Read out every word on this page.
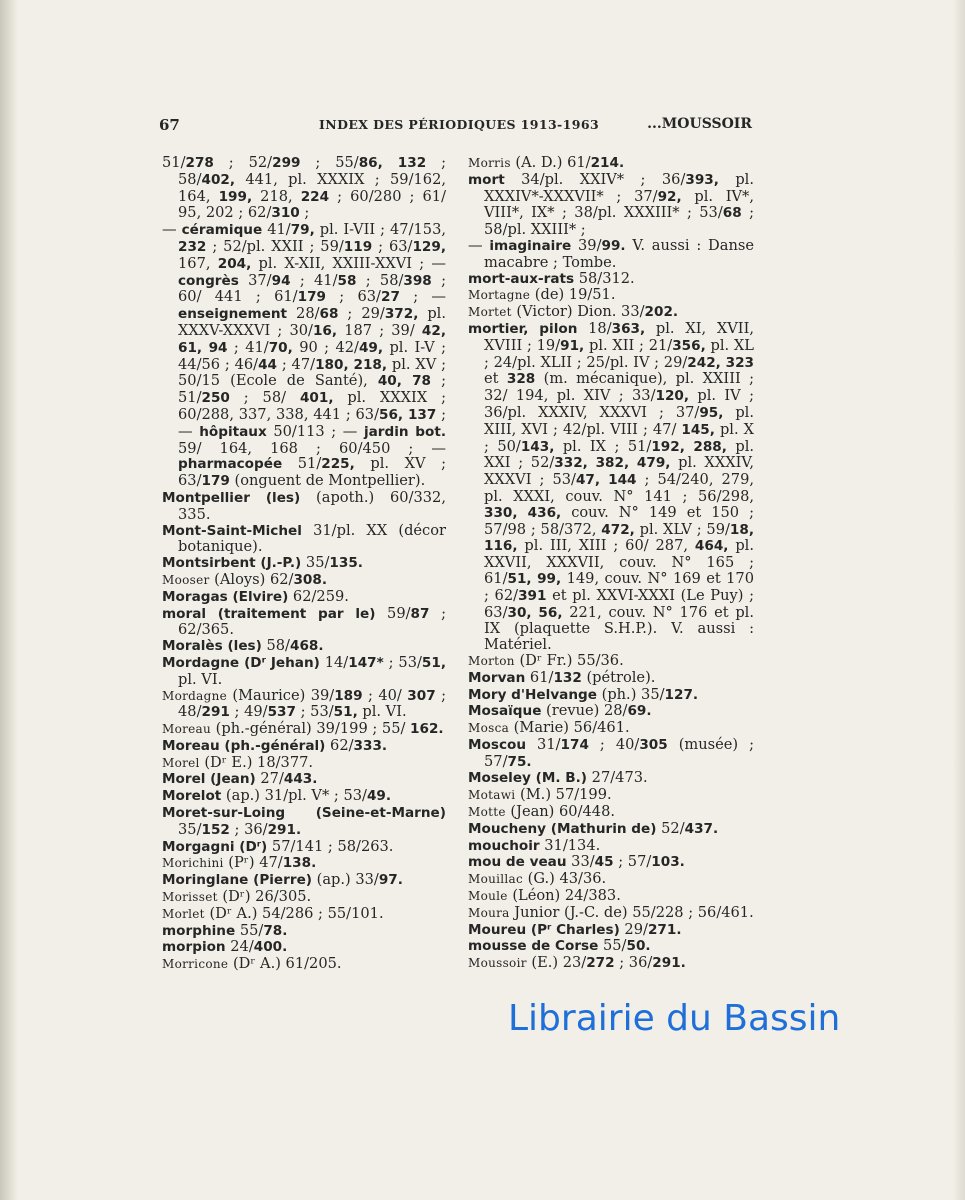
67	INDEX DES PÉRIODIQUES 1913-1963	...MOUSSOIR

51/278 ; 52/299 ; 55/86, 132 ; 58/402, 441, pl. XXXIX ; 59/162, 164, 199, 218, 224 ; 60/280 ; 61/ 95, 202 ; 62/310 ;

— céramique 41/79, pl. I-VII ; 47/153, 232 ; 52/pl. XXII ; 59/119 ; 63/129, 167, 204, pl. X-XII, XXIII-XXVI ; — congrès 37/94 ; 41/58 ; 58/398 ; 60/ 441 ; 61/179 ; 63/27 ; — enseignement 28/68 ; 29/372, pl. XXXV-XXXVI ; 30/16, 187 ; 39/ 42, 61, 94 ; 41/70, 90 ; 42/49, pl. I-V ; 44/56 ; 46/44 ; 47/180, 218, pl. XV ; 50/15 (Ecole de Santé), 40, 78 ; 51/250 ; 58/ 401, pl. XXXIX ; 60/288, 337, 338, 441 ; 63/56, 137 ; — hôpitaux 50/113 ; — jardin bot. 59/ 164, 168 ; 60/450 ; — pharmacopée 51/225, pl. XV ; 63/179 (onguent de Montpellier).

Montpellier (les) (apoth.) 60/332, 335.

Mont-Saint-Michel 31/pl. XX (décor botanique).

Montsirbent (J.-P.) 35/135.

Mooser (Aloys) 62/308.

Moragas (Elvire) 62/259.

moral (traitement par le) 59/87 ; 62/365.

Moralès (les) 58/468.

Mordagne (Dʳ Jehan) 14/147* ; 53/51, pl. VI.

Mordagne (Maurice) 39/189 ; 40/ 307 ; 48/291 ; 49/537 ; 53/51, pl. VI.

Moreau (ph.-général) 39/199 ; 55/ 162.

Moreau (ph.-général) 62/333.

Morel (Dʳ E.) 18/377.

Morel (Jean) 27/443.

Morelot (ap.) 31/pl. V* ; 53/49.

Moret-sur-Loing (Seine-et-Marne) 35/152 ; 36/291.

Morgagni (Dʳ) 57/141 ; 58/263.

Morichini (Pʳ) 47/138.

Moringlane (Pierre) (ap.) 33/97.

Morisset (Dʳ) 26/305.

Morlet (Dʳ A.) 54/286 ; 55/101.

morphine 55/78.

morpion 24/400.

Morricone (Dʳ A.) 61/205.

Morris (A. D.) 61/214.

mort 34/pl. XXIV* ; 36/393, pl. XXXIV*-XXXVII* ; 37/92, pl. IV*, VIII*, IX* ; 38/pl. XXXIII* ; 53/68 ; 58/pl. XXIII* ;

— imaginaire 39/99. V. aussi : Danse macabre ; Tombe.

mort-aux-rats 58/312.

Mortagne (de) 19/51.

Mortet (Victor) Dion. 33/202.

mortier, pilon 18/363, pl. XI, XVII, XVIII ; 19/91, pl. XII ; 21/356, pl. XL ; 24/pl. XLII ; 25/pl. IV ; 29/242, 323 et 328 (m. mécanique), pl. XXIII ; 32/ 194, pl. XIV ; 33/120, pl. IV ; 36/pl. XXXIV, XXXVI ; 37/95, pl. XIII, XVI ; 42/pl. VIII ; 47/ 145, pl. X ; 50/143, pl. IX ; 51/192, 288, pl. XXI ; 52/332, 382, 479, pl. XXXIV, XXXVI ; 53/47, 144 ; 54/240, 279, pl. XXXI, couv. N° 141 ; 56/298, 330, 436, couv. N° 149 et 150 ; 57/98 ; 58/372, 472, pl. XLV ; 59/18, 116, pl. III, XIII ; 60/ 287, 464, pl. XXVII, XXXVII, couv. N° 165 ; 61/51, 99, 149, couv. N° 169 et 170 ; 62/391 et pl. XXVI-XXXI (Le Puy) ; 63/30, 56, 221, couv. N° 176 et pl. IX (plaquette S.H.P.). V. aussi : Matériel.

Morton (Dʳ Fr.) 55/36.

Morvan 61/132 (pétrole).

Mory d'Helvange (ph.) 35/127.

Mosaïque (revue) 28/69.

Mosca (Marie) 56/461.

Moscou 31/174 ; 40/305 (musée) ; 57/75.

Moseley (M. B.) 27/473.

Motawi (M.) 57/199.

Motte (Jean) 60/448.

Moucheny (Mathurin de) 52/437.

mouchoir 31/134.

mou de veau 33/45 ; 57/103.

Mouillac (G.) 43/36.

Moule (Léon) 24/383.

Moura Junior (J.-C. de) 55/228 ; 56/461.

Moureu (Pʳ Charles) 29/271.

mousse de Corse 55/50.

Moussoir (E.) 23/272 ; 36/291.

Librairie du Bassin
